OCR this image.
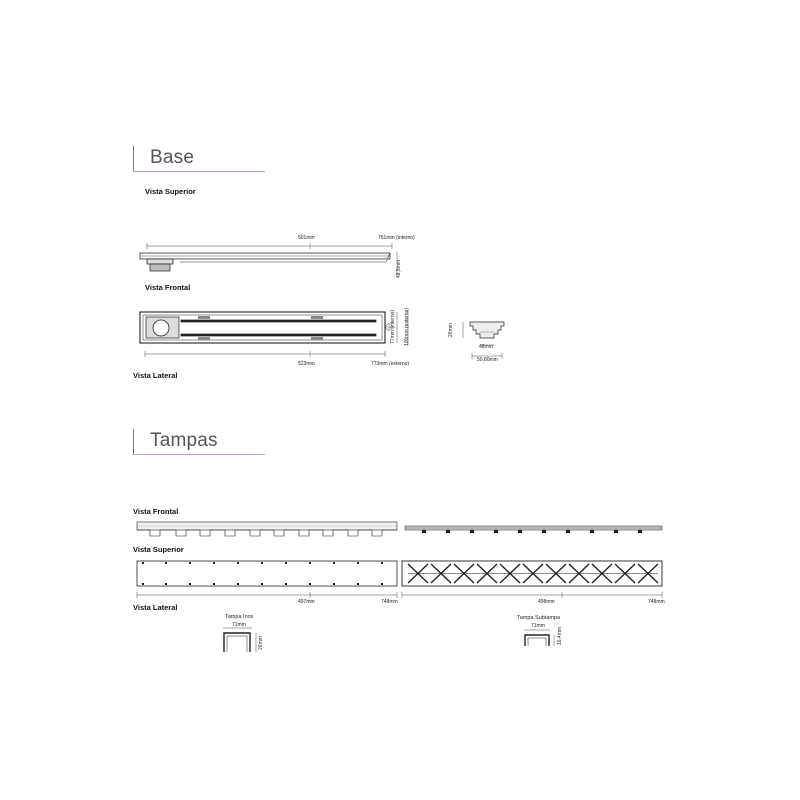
Base
Vista Superior
Vista Frontal
Vista Lateral
501mm	751mm (interno)
48,5mm
77mm (interno) 100mm (externo)
523mm	773mm (externo)
26mm
48mm
50,80mm
Tampas
Vista Frontal
Vista Superior
Vista Lateral
497mm	748mm	498mm	748mm
Tampa Inox
71mm
26mm
Tampa Subtampa
71mm
16,4mm
